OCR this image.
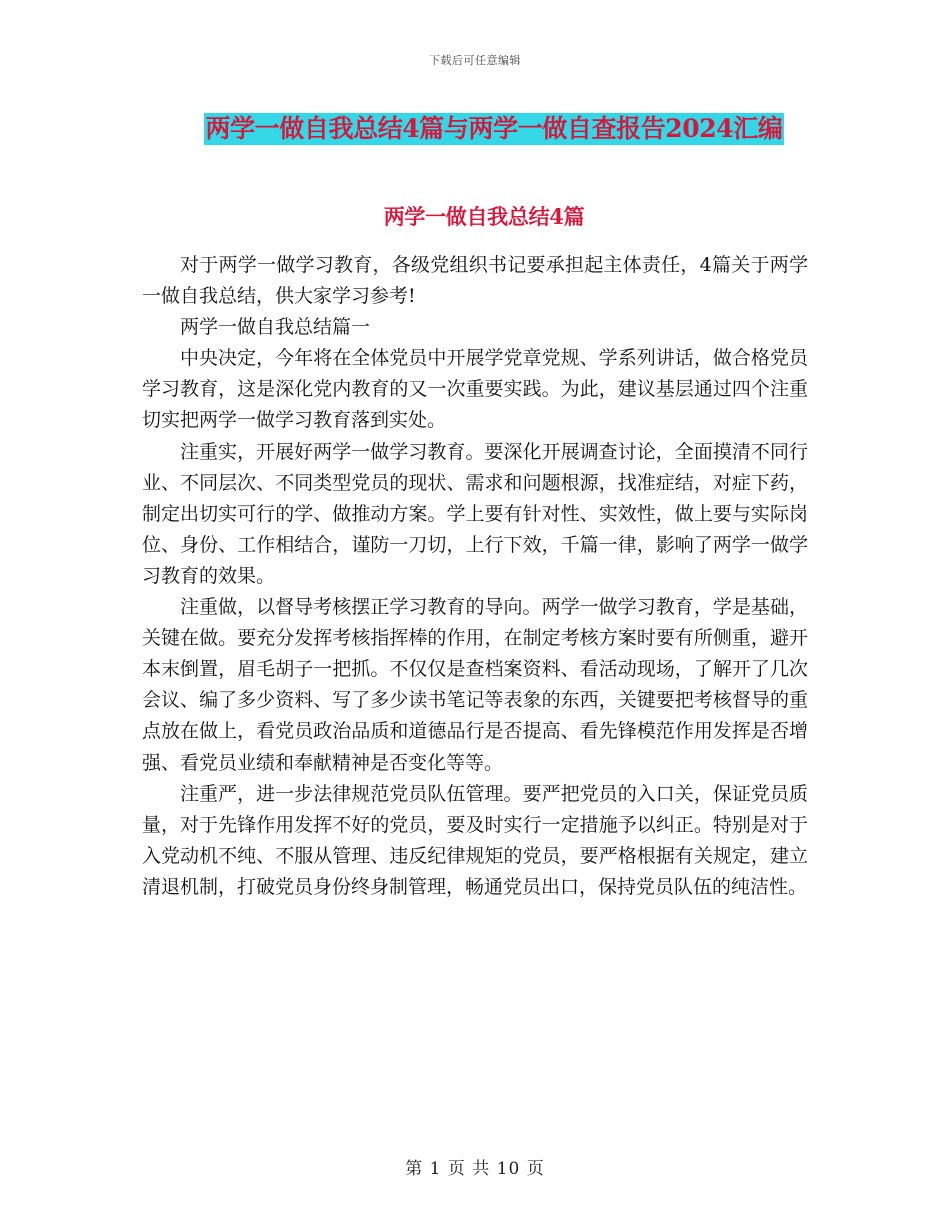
下载后可任意编辑
两学一做自我总结4篇与两学一做自查报告2024汇编
两学一做自我总结4篇

对于两学一做学习教育，各级党组织书记要承担起主体责任，4篇关于两学一做自我总结，供大家学习参考!

两学一做自我总结篇一

中央决定，今年将在全体党员中开展学党章党规、学系列讲话，做合格党员学习教育，这是深化党内教育的又一次重要实践。为此，建议基层通过四个注重切实把两学一做学习教育落到实处。

注重实，开展好两学一做学习教育。要深化开展调查讨论，全面摸清不同行业、不同层次、不同类型党员的现状、需求和问题根源，找准症结，对症下药，制定出切实可行的学、做推动方案。学上要有针对性、实效性，做上要与实际岗位、身份、工作相结合，谨防一刀切，上行下效，千篇一律，影响了两学一做学习教育的效果。

注重做，以督导考核摆正学习教育的导向。两学一做学习教育，学是基础，关键在做。要充分发挥考核指挥棒的作用，在制定考核方案时要有所侧重，避开本末倒置，眉毛胡子一把抓。不仅仅是查档案资料、看活动现场，了解开了几次会议、编了多少资料、写了多少读书笔记等表象的东西，关键要把考核督导的重点放在做上，看党员政治品质和道德品行是否提高、看先锋模范作用发挥是否增强、看党员业绩和奉献精神是否变化等等。

注重严，进一步法律规范党员队伍管理。要严把党员的入口关，保证党员质量，对于先锋作用发挥不好的党员，要及时实行一定措施予以纠正。特别是对于入党动机不纯、不服从管理、违反纪律规矩的党员，要严格根据有关规定，建立清退机制，打破党员身份终身制管理，畅通党员出口，保持党员队伍的纯洁性。

第 1 页 共 10 页
